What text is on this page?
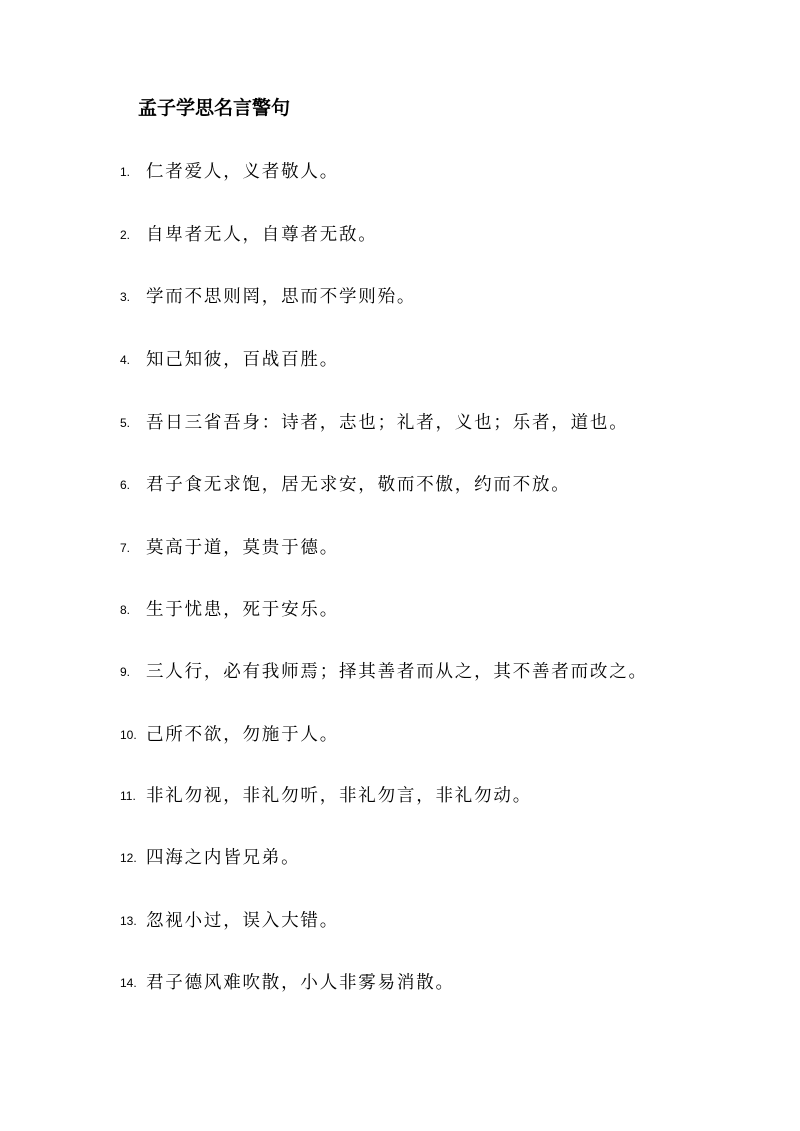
孟子学思名言警句
1. 仁者爱人，义者敬人。
2. 自卑者无人，自尊者无敌。
3. 学而不思则罔，思而不学则殆。
4. 知己知彼，百战百胜。
5. 吾日三省吾身：诗者，志也；礼者，义也；乐者，道也。
6. 君子食无求饱，居无求安，敬而不傲，约而不放。
7. 莫高于道，莫贵于德。
8. 生于忧患，死于安乐。
9. 三人行，必有我师焉；择其善者而从之，其不善者而改之。
10. 己所不欲，勿施于人。
11. 非礼勿视，非礼勿听，非礼勿言，非礼勿动。
12. 四海之内皆兄弟。
13. 忽视小过，误入大错。
14. 君子德风难吹散，小人非雾易消散。
